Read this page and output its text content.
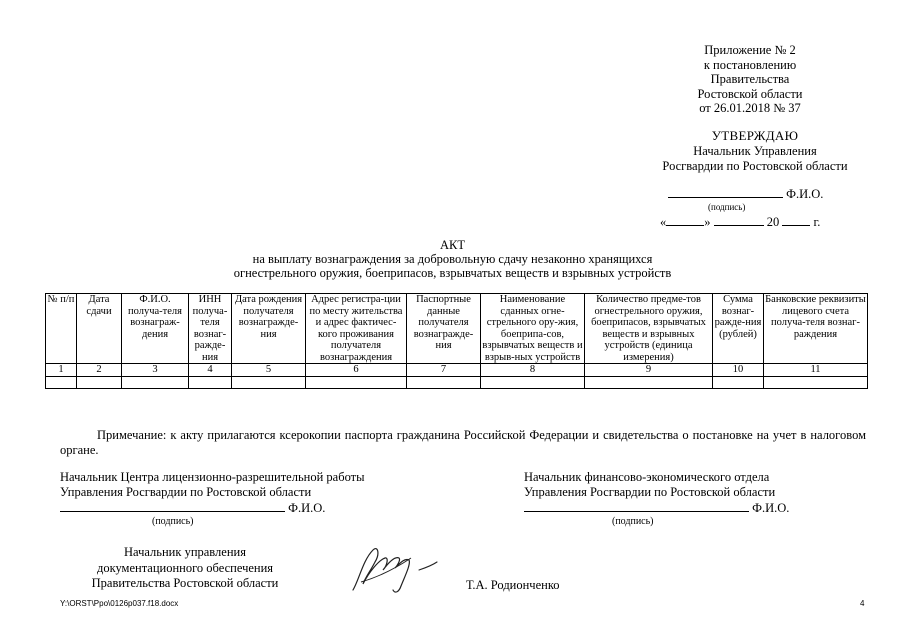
Приложение № 2
к постановлению
Правительства
Ростовской области
от 26.01.2018 № 37
УТВЕРЖДАЮ
Начальник Управления
Росгвардии по Ростовской области
Ф.И.О.
(подпись)
«	»	20	г.
АКТ
на выплату вознаграждения за добровольную сдачу незаконно хранящихся
огнестрельного оружия, боеприпасов, взрывчатых веществ и взрывных устройств
№ п/п	Дата сдачи	Ф.И.О. получа-теля вознаграж-дения	ИНН получа-теля вознаг-ражде-ния	Дата рождения получателя вознагражде-ния	Адрес регистра-ции по месту жительства и адрес фактичес-кого проживания получателя вознаграждения	Паспортные данные получателя вознагражде-ния	Наименование сданных огне-стрельного ору-жия, боеприпа-сов, взрывчатых веществ и взрыв-ных устройств	Количество предме-тов огнестрельного оружия, боеприпасов, взрывчатых веществ и взрывных устройств (единица измерения)	Сумма вознаг-ражде-ния (рублей)	Банковские реквизиты лицевого счета получа-теля вознаг-раждения
1	2	3	4	5	6	7	8	9	10	11

Примечание: к акту прилагаются ксерокопии паспорта гражданина Российской Федерации и свидетельства о постановке на учет в налоговом органе.
Начальник Центра лицензионно-разрешительной работы
Управления Росгвардии по Ростовской области
Ф.И.О.
(подпись)
Начальник финансово-экономического отдела
Управления Росгвардии по Ростовской области
Ф.И.О.
(подпись)
Начальник управления
документационного обеспечения
Правительства Ростовской области	Т.А. Родионченко
Y:\ORST\Ppo\0126p037.f18.docx	4
